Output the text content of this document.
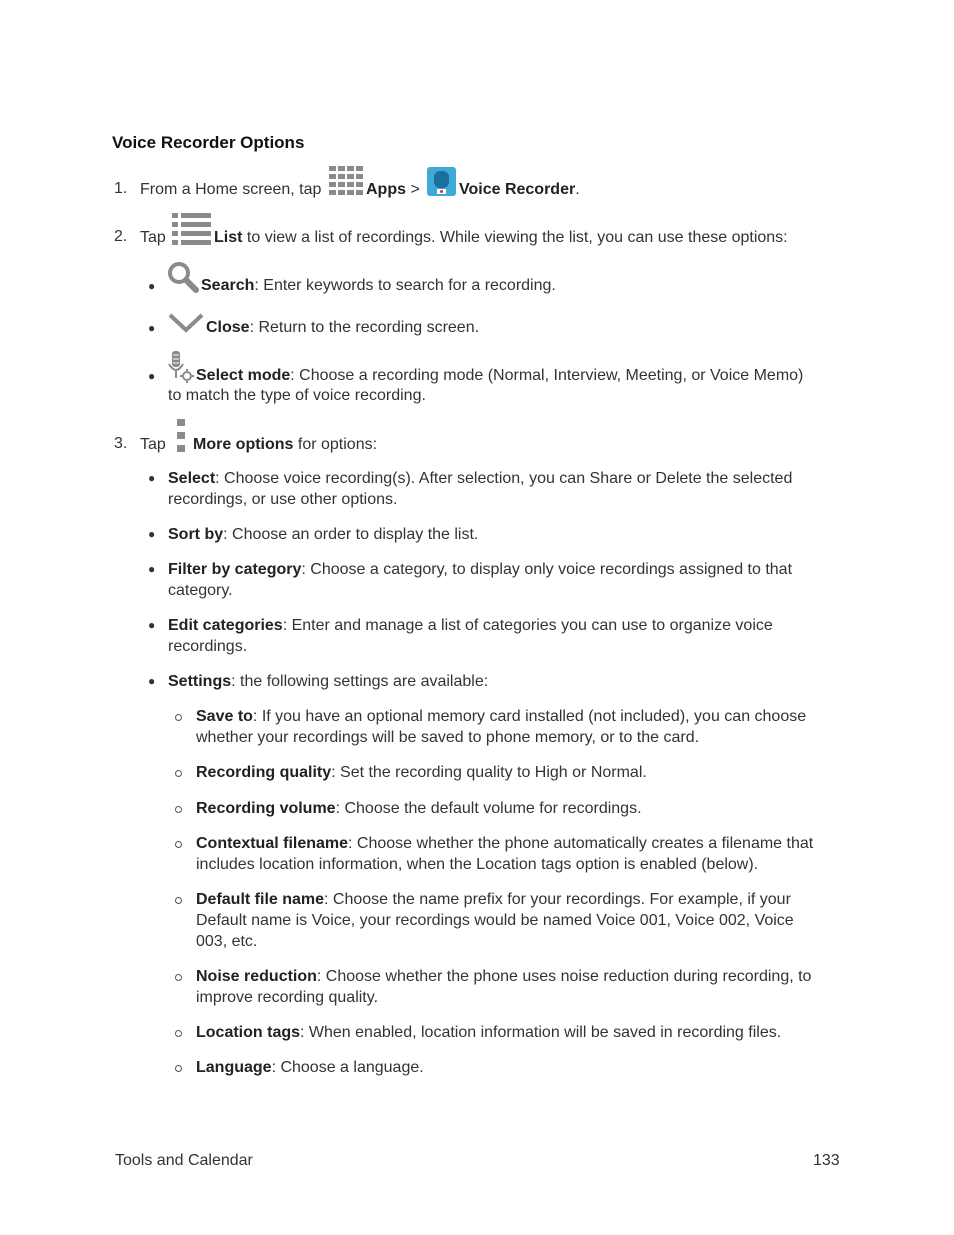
Voice Recorder Options
1. From a Home screen, tap	Apps > Voice Recorder.
2. Tap	List to view a list of recordings. While viewing the list, you can use these options:
●	Search: Enter keywords to search for a recording.
●	Close: Return to the recording screen.
●	Select mode: Choose a recording mode (Normal, Interview, Meeting, or Voice Memo)
to match the type of voice recording.
3. Tap More options for options:
● Select: Choose voice recording(s). After selection, you can Share or Delete the selected
recordings, or use other options.
● Sort by: Choose an order to display the list.
● Filter by category: Choose a category, to display only voice recordings assigned to that
category.
● Edit categories: Enter and manage a list of categories you can use to organize voice
recordings.
● Settings: the following settings are available:
Save to: If you have an optional memory card installed (not included), you can choose
whether your recordings will be saved to phone memory, or to the card.
Recording quality: Set the recording quality to High or Normal.
Recording volume: Choose the default volume for recordings.
Contextual filename: Choose whether the phone automatically creates a filename that
includes location information, when the Location tags option is enabled (below).
Default file name: Choose the name prefix for your recordings. For example, if your
Default name is Voice, your recordings would be named Voice 001, Voice 002, Voice
003, etc.
Noise reduction: Choose whether the phone uses noise reduction during recording, to
improve recording quality.
Location tags: When enabled, location information will be saved in recording files.
Language: Choose a language.
Tools and Calendar	133
